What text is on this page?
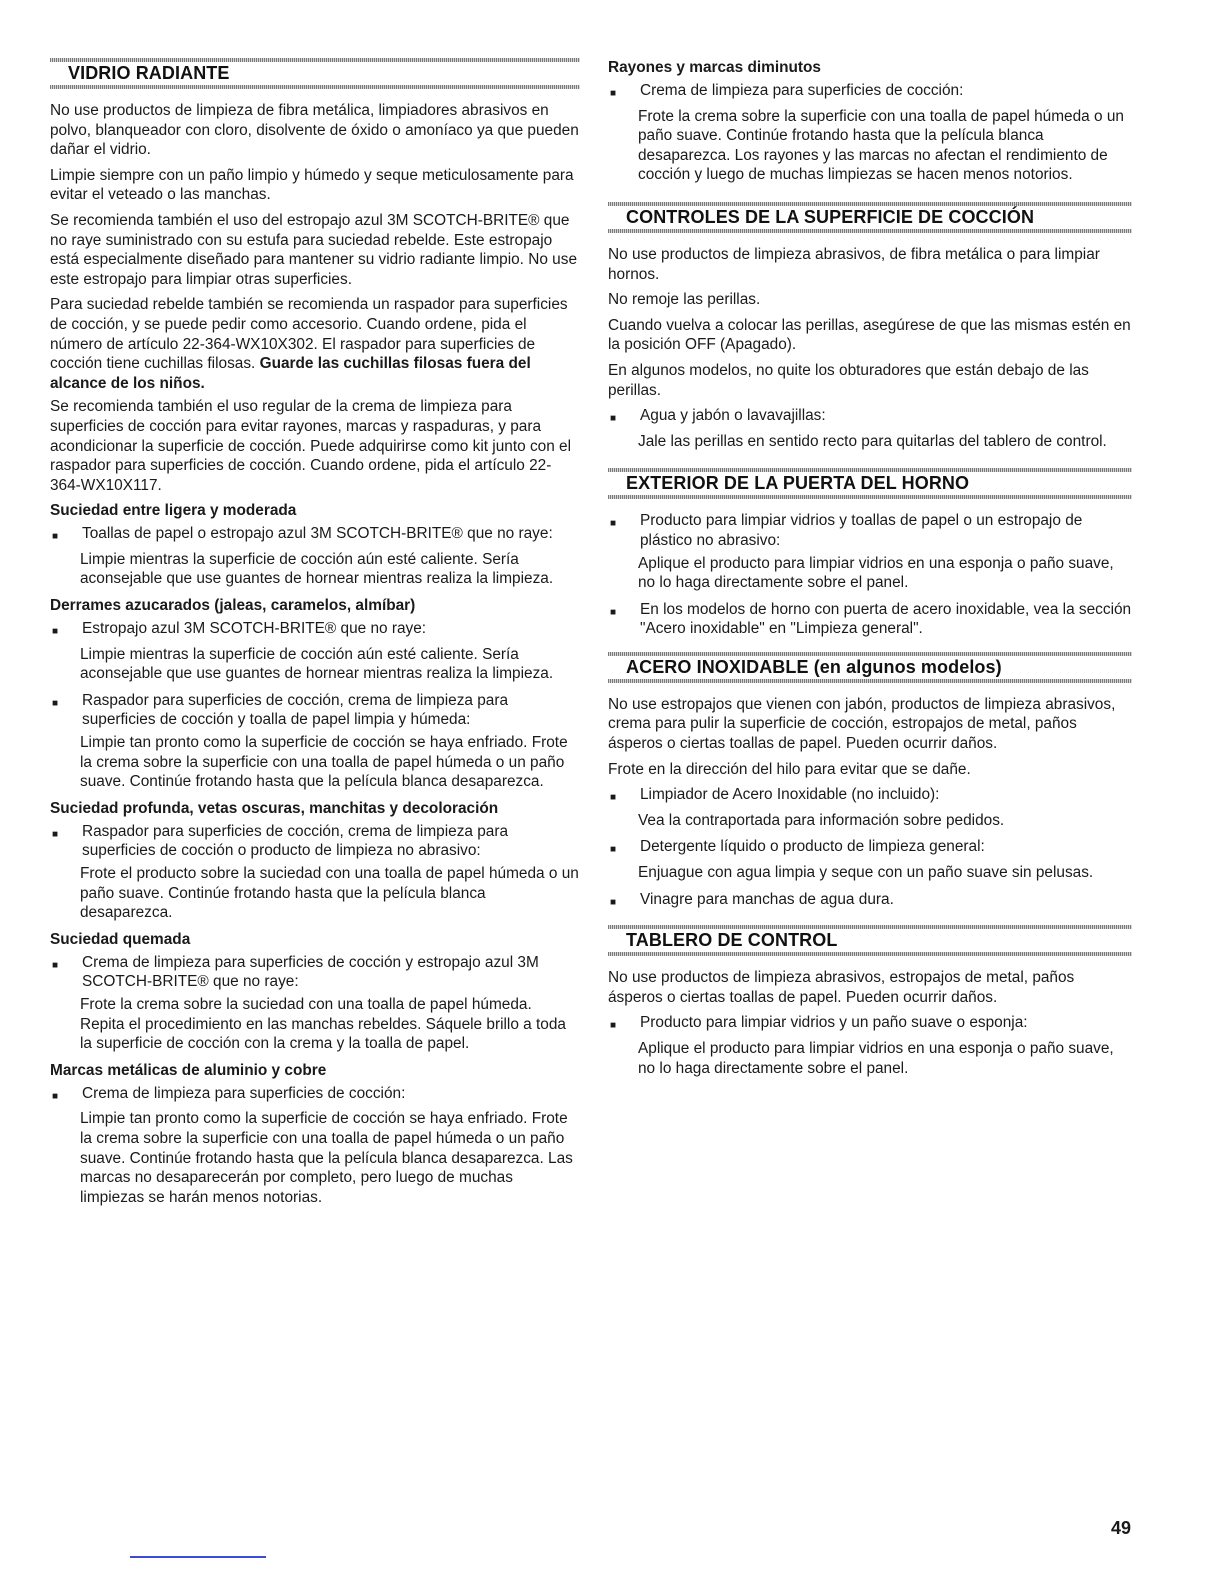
VIDRIO RADIANTE

No use productos de limpieza de fibra metálica, limpiadores abrasivos en polvo, blanqueador con cloro, disolvente de óxido o amoníaco ya que pueden dañar el vidrio.

Limpie siempre con un paño limpio y húmedo y seque meticulosamente para evitar el veteado o las manchas.

Se recomienda también el uso del estropajo azul 3M SCOTCH-BRITE® que no raye suministrado con su estufa para suciedad rebelde. Este estropajo está especialmente diseñado para mantener su vidrio radiante limpio. No use este estropajo para limpiar otras superficies.

Para suciedad rebelde también se recomienda un raspador para superficies de cocción, y se puede pedir como accesorio. Cuando ordene, pida el número de artículo 22-364-WX10X302. El raspador para superficies de cocción tiene cuchillas filosas. Guarde las cuchillas filosas fuera del alcance de los niños.

Se recomienda también el uso regular de la crema de limpieza para superficies de cocción para evitar rayones, marcas y raspaduras, y para acondicionar la superficie de cocción. Puede adquirirse como kit junto con el raspador para superficies de cocción. Cuando ordene, pida el artículo 22-364-WX10X117.

Suciedad entre ligera y moderada
■	Toallas de papel o estropajo azul 3M SCOTCH-BRITE® que no raye:

Limpie mientras la superficie de cocción aún esté caliente. Sería aconsejable que use guantes de hornear mientras realiza la limpieza.

Derrames azucarados (jaleas, caramelos, almíbar)
■	Estropajo azul 3M SCOTCH-BRITE® que no raye:

Limpie mientras la superficie de cocción aún esté caliente. Sería aconsejable que use guantes de hornear mientras realiza la limpieza.

■	Raspador para superficies de cocción, crema de limpieza para superficies de cocción y toalla de papel limpia y húmeda:

Limpie tan pronto como la superficie de cocción se haya enfriado. Frote la crema sobre la superficie con una toalla de papel húmeda o un paño suave. Continúe frotando hasta que la película blanca desaparezca.

Suciedad profunda, vetas oscuras, manchitas y decoloración
■	Raspador para superficies de cocción, crema de limpieza para superficies de cocción o producto de limpieza no abrasivo:

Frote el producto sobre la suciedad con una toalla de papel húmeda o un paño suave. Continúe frotando hasta que la película blanca desaparezca.

Suciedad quemada
■	Crema de limpieza para superficies de cocción y estropajo azul 3M SCOTCH-BRITE® que no raye:

Frote la crema sobre la suciedad con una toalla de papel húmeda. Repita el procedimiento en las manchas rebeldes. Sáquele brillo a toda la superficie de cocción con la crema y la toalla de papel.

Marcas metálicas de aluminio y cobre
■	Crema de limpieza para superficies de cocción:

Limpie tan pronto como la superficie de cocción se haya enfriado. Frote la crema sobre la superficie con una toalla de papel húmeda o un paño suave. Continúe frotando hasta que la película blanca desaparezca. Las marcas no desaparecerán por completo, pero luego de muchas limpiezas se harán menos notorias.

Rayones y marcas diminutos
■	Crema de limpieza para superficies de cocción:

Frote la crema sobre la superficie con una toalla de papel húmeda o un paño suave. Continúe frotando hasta que la película blanca desaparezca. Los rayones y las marcas no afectan el rendimiento de cocción y luego de muchas limpiezas se hacen menos notorios.

CONTROLES DE LA SUPERFICIE DE COCCIÓN

No use productos de limpieza abrasivos, de fibra metálica o para limpiar hornos.

No remoje las perillas.

Cuando vuelva a colocar las perillas, asegúrese de que las mismas estén en la posición OFF (Apagado).

En algunos modelos, no quite los obturadores que están debajo de las perillas.

■	Agua y jabón o lavavajillas:

Jale las perillas en sentido recto para quitarlas del tablero de control.

EXTERIOR DE LA PUERTA DEL HORNO
■	Producto para limpiar vidrios y toallas de papel o un estropajo de plástico no abrasivo:

Aplique el producto para limpiar vidrios en una esponja o paño suave, no lo haga directamente sobre el panel.

■	En los modelos de horno con puerta de acero inoxidable, vea la sección "Acero inoxidable" en "Limpieza general".
ACERO INOXIDABLE (en algunos modelos)

No use estropajos que vienen con jabón, productos de limpieza abrasivos, crema para pulir la superficie de cocción, estropajos de metal, paños ásperos o ciertas toallas de papel. Pueden ocurrir daños.

Frote en la dirección del hilo para evitar que se dañe.

■	Limpiador de Acero Inoxidable (no incluido):

Vea la contraportada para información sobre pedidos.

■	Detergente líquido o producto de limpieza general:

Enjuague con agua limpia y seque con un paño suave sin pelusas.

■	Vinagre para manchas de agua dura.
TABLERO DE CONTROL

No use productos de limpieza abrasivos, estropajos de metal, paños ásperos o ciertas toallas de papel. Pueden ocurrir daños.

■	Producto para limpiar vidrios y un paño suave o esponja:

Aplique el producto para limpiar vidrios en una esponja o paño suave, no lo haga directamente sobre el panel.

49
